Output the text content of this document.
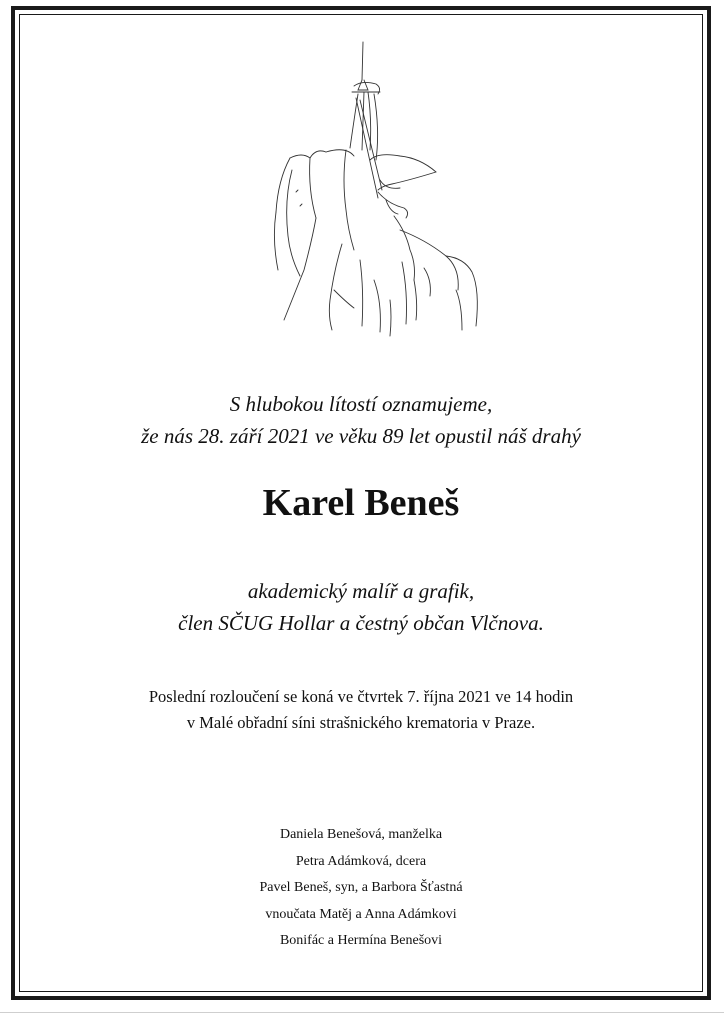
S hlubokou lítostí oznamujeme,
že nás 28. září 2021 ve věku 89 let opustil náš drahý
Karel Beneš
akademický malíř a grafik,
člen SČUG Hollar a čestný občan Vlčnova.
Poslední rozloučení se koná ve čtvrtek 7. října 2021 ve 14 hodin
v Malé obřadní síni strašnického krematoria v Praze.
Daniela Benešová, manželka
Petra Adámková, dcera
Pavel Beneš, syn, a Barbora Šťastná
vnoučata Matěj a Anna Adámkovi
Bonifác a Hermína Benešovi
